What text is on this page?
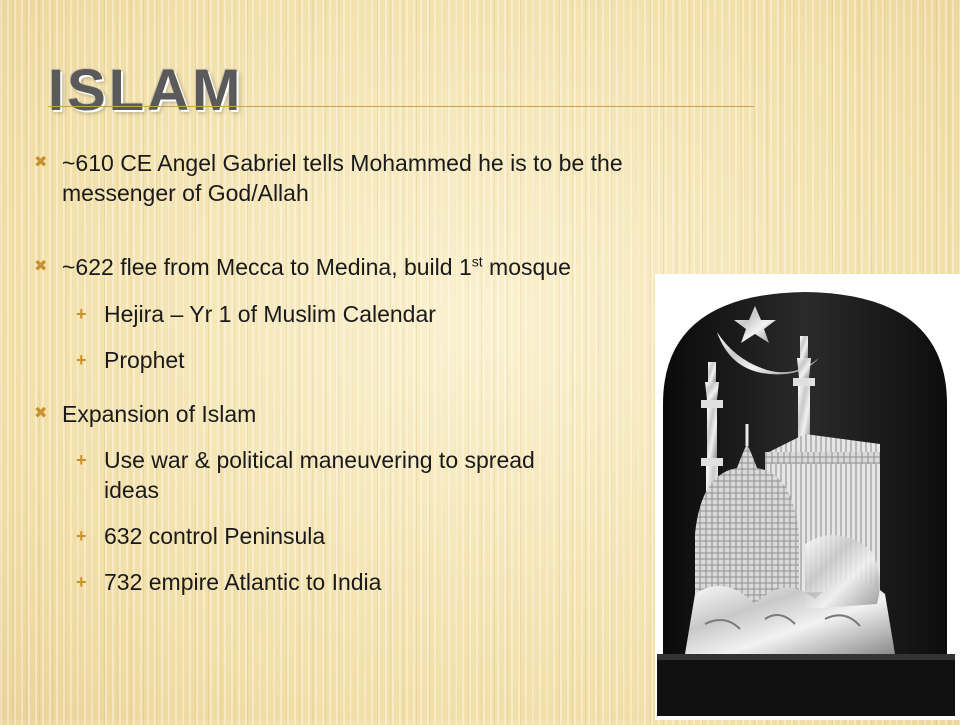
ISLAM
✖ ~610 CE Angel Gabriel tells Mohammed he is to be the messenger of God/Allah
✖ ~622 flee from Mecca to Medina, build 1st mosque
+ Hejira – Yr 1 of Muslim Calendar
+ Prophet
✖ Expansion of Islam
+ Use war & political maneuvering to spread ideas
+ 632 control Peninsula
+ 732 empire Atlantic to India
